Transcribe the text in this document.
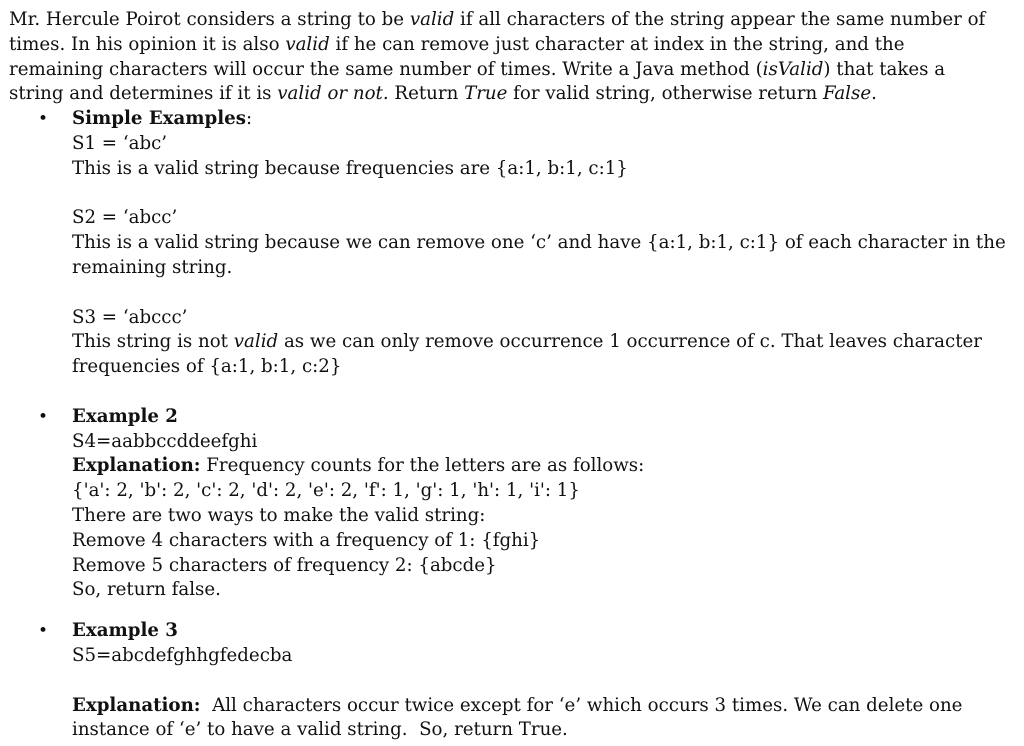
Mr. Hercule Poirot considers a string to be valid if all characters of the string appear the same number of

times. In his opinion it is also valid if he can remove just character at index in the string, and the

remaining characters will occur the same number of times. Write a Java method (isValid) that takes a

string and determines if it is valid or not. Return True for valid string, otherwise return False.

• Simple Examples:

S1 = ‘abc’

This is a valid string because frequencies are {a:1, b:1, c:1}

S2 = ‘abcc’

This is a valid string because we can remove one ‘c’ and have {a:1, b:1, c:1} of each character in the

remaining string.

S3 = ‘abccc’

This string is not valid as we can only remove occurrence 1 occurrence of c. That leaves character

frequencies of {a:1, b:1, c:2}

• Example 2

S4=aabbccddeefghi

Explanation: Frequency counts for the letters are as follows:

{'a': 2, 'b': 2, 'c': 2, 'd': 2, 'e': 2, 'f': 1, 'g': 1, 'h': 1, 'i': 1}

There are two ways to make the valid string:

Remove 4 characters with a frequency of 1: {fghi}

Remove 5 characters of frequency 2: {abcde}

So, return false.

• Example 3

S5=abcdefghhgfedecba

Explanation:  All characters occur twice except for ‘e’ which occurs 3 times. We can delete one

instance of ‘e’ to have a valid string.  So, return True.
